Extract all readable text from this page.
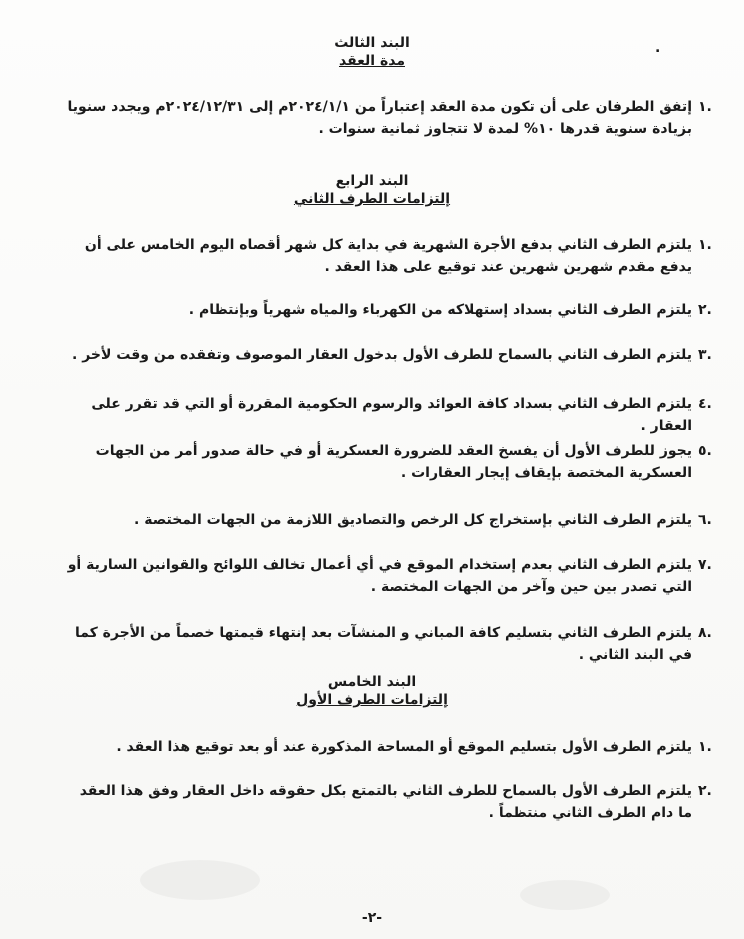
.
البند الثالث
مدة العقد
١.
إتفق الطرفان على أن تكون مدة العقد إعتباراً من ٢٠٢٤/١/١م إلى ٢٠٢٤/١٢/٣١م ويجدد سنويا بزيادة سنوية قدرها ١٠% لمدة لا تتجاوز ثمانية سنوات .
البند الرابع
إلتزامات الطرف الثاني
١.
يلتزم الطرف الثاني بدفع الأجرة الشهرية في بداية كل شهر أقصاه اليوم الخامس على أن يدفع مقدم شهرين شهرين عند توقيع على هذا العقد .
٢.
يلتزم الطرف الثاني بسداد إستهلاكه من الكهرباء والمياه شهرياً وبإنتظام .
٣.
يلتزم الطرف الثاني بالسماح للطرف الأول بدخول العقار الموصوف وتفقده من وقت لأخر .
٤.
يلتزم الطرف الثاني بسداد كافة العوائد والرسوم الحكومية المقررة أو التي قد تقرر على العقار .
٥.
يجوز للطرف الأول أن يفسخ العقد للضرورة العسكرية أو في حالة صدور أمر من الجهات العسكرية المختصة بإيقاف إيجار العقارات .
٦.
يلتزم الطرف الثاني بإستخراج كل الرخص والتصاديق اللازمة من الجهات المختصة .
٧.
يلتزم الطرف الثاني بعدم إستخدام الموقع في أي أعمال تخالف اللوائح والقوانين السارية أو التي تصدر بين حين وآخر من الجهات المختصة .
٨.
يلتزم الطرف الثاني بتسليم كافة المباني و المنشآت بعد إنتهاء قيمتها خصماً من الأجرة كما في البند الثاني .
البند الخامس
إلتزامات الطرف الأول
١.
يلتزم الطرف الأول بتسليم الموقع أو المساحة المذكورة عند أو بعد توقيع هذا العقد .
٢.
يلتزم الطرف الأول بالسماح للطرف الثاني بالتمتع بكل حقوقه داخل العقار وفق هذا العقد ما دام الطرف الثاني منتظماً .
-٢-
